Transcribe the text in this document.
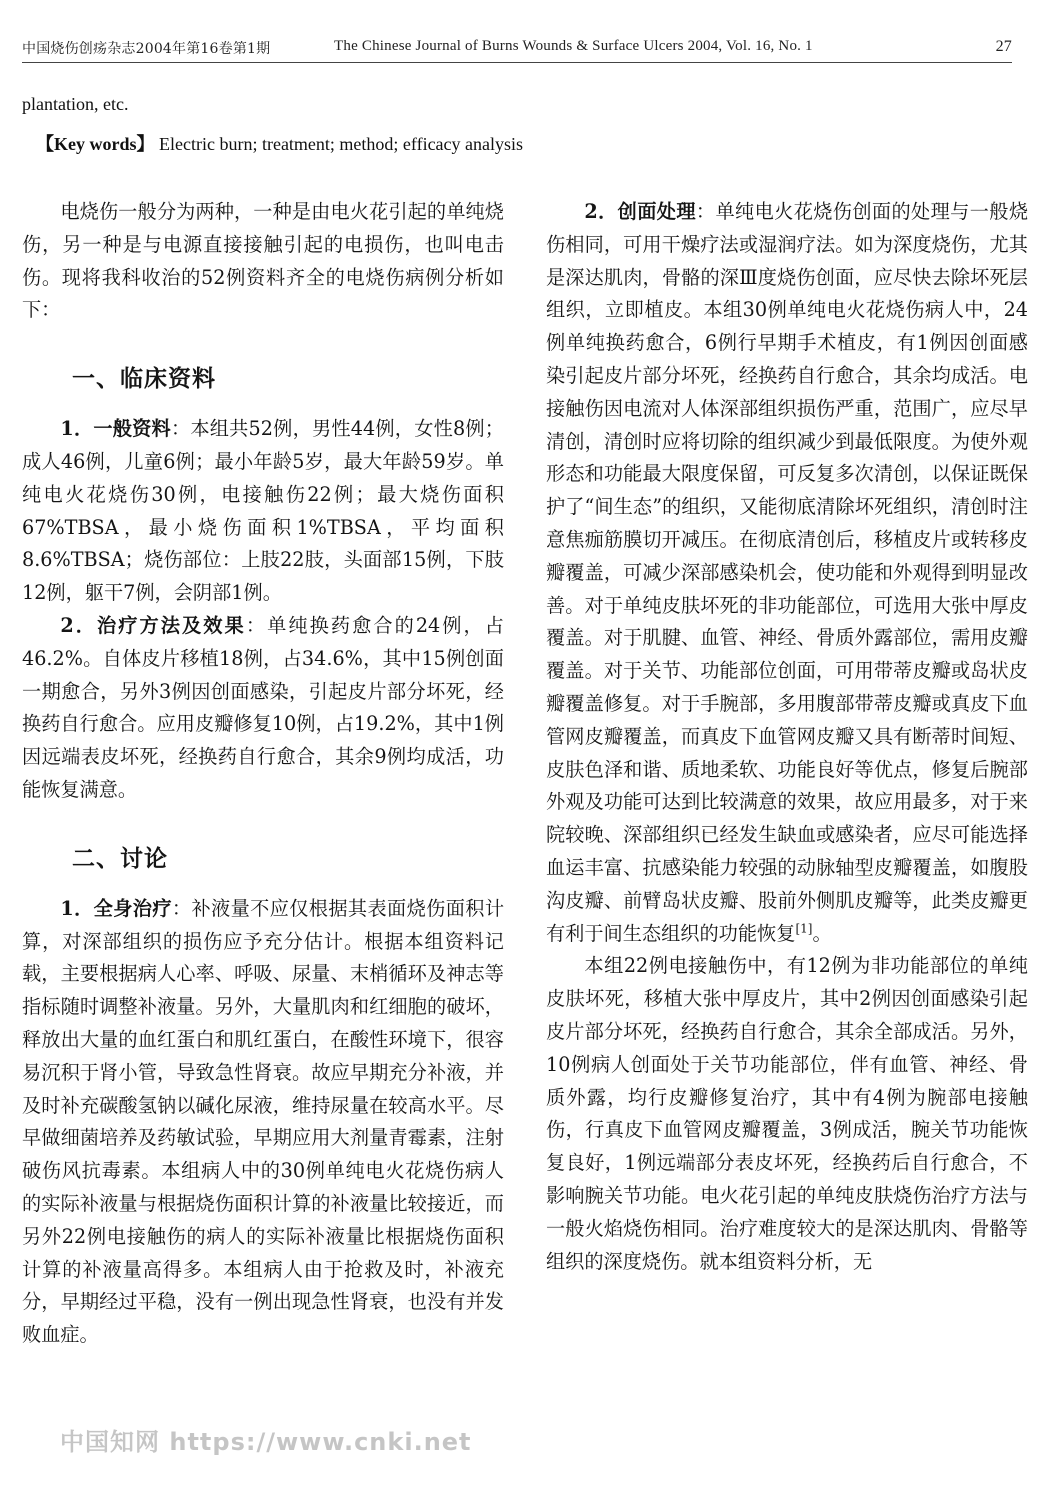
中国烧伤创疡杂志2004年第16卷第1期	The Chinese Journal of Burns Wounds & Surface Ulcers 2004, Vol. 16, No. 1	27
plantation, etc.
【Key words】 Electric burn; treatment; method; efficacy analysis

电烧伤一般分为两种，一种是由电火花引起的单纯烧伤，另一种是与电源直接接触引起的电损伤，也叫电击伤。现将我科收治的52例资料齐全的电烧伤病例分析如下：

一、临床资料

1．一般资料：本组共52例，男性44例，女性8例；成人46例，儿童6例；最小年龄5岁，最大年龄59岁。单纯电火花烧伤30例，电接触伤22例；最大烧伤面积67%TBSA，最小烧伤面积1%TBSA，平均面积8.6%TBSA；烧伤部位：上肢22肢，头面部15例，下肢12例，躯干7例，会阴部1例。

2．治疗方法及效果：单纯换药愈合的24例，占46.2%。自体皮片移植18例，占34.6%，其中15例创面一期愈合，另外3例因创面感染，引起皮片部分坏死，经换药自行愈合。应用皮瓣修复10例，占19.2%，其中1例因远端表皮坏死，经换药自行愈合，其余9例均成活，功能恢复满意。

二、讨论

1．全身治疗：补液量不应仅根据其表面烧伤面积计算，对深部组织的损伤应予充分估计。根据本组资料记载，主要根据病人心率、呼吸、尿量、末梢循环及神志等指标随时调整补液量。另外，大量肌肉和红细胞的破坏，释放出大量的血红蛋白和肌红蛋白，在酸性环境下，很容易沉积于肾小管，导致急性肾衰。故应早期充分补液，并及时补充碳酸氢钠以碱化尿液，维持尿量在较高水平。尽早做细菌培养及药敏试验，早期应用大剂量青霉素，注射破伤风抗毒素。本组病人中的30例单纯电火花烧伤病人的实际补液量与根据烧伤面积计算的补液量比较接近，而另外22例电接触伤的病人的实际补液量比根据烧伤面积计算的补液量高得多。本组病人由于抢救及时，补液充分，早期经过平稳，没有一例出现急性肾衰，也没有并发败血症。

2．创面处理：单纯电火花烧伤创面的处理与一般烧伤相同，可用干燥疗法或湿润疗法。如为深度烧伤，尤其是深达肌肉，骨骼的深Ⅲ度烧伤创面，应尽快去除坏死层组织，立即植皮。本组30例单纯电火花烧伤病人中，24例单纯换药愈合，6例行早期手术植皮，有1例因创面感染引起皮片部分坏死，经换药自行愈合，其余均成活。电接触伤因电流对人体深部组织损伤严重，范围广，应尽早清创，清创时应将切除的组织减少到最低限度。为使外观形态和功能最大限度保留，可反复多次清创，以保证既保护了“间生态”的组织，又能彻底清除坏死组织，清创时注意焦痂筋膜切开减压。在彻底清创后，移植皮片或转移皮瓣覆盖，可减少深部感染机会，使功能和外观得到明显改善。对于单纯皮肤坏死的非功能部位，可选用大张中厚皮覆盖。对于肌腱、血管、神经、骨质外露部位，需用皮瓣覆盖。对于关节、功能部位创面，可用带蒂皮瓣或岛状皮瓣覆盖修复。对于手腕部，多用腹部带蒂皮瓣或真皮下血管网皮瓣覆盖，而真皮下血管网皮瓣又具有断蒂时间短、皮肤色泽和谐、质地柔软、功能良好等优点，修复后腕部外观及功能可达到比较满意的效果，故应用最多，对于来院较晚、深部组织已经发生缺血或感染者，应尽可能选择血运丰富、抗感染能力较强的动脉轴型皮瓣覆盖，如腹股沟皮瓣、前臂岛状皮瓣、股前外侧肌皮瓣等，此类皮瓣更有利于间生态组织的功能恢复[1]。

本组22例电接触伤中，有12例为非功能部位的单纯皮肤坏死，移植大张中厚皮片，其中2例因创面感染引起皮片部分坏死，经换药自行愈合，其余全部成活。另外，10例病人创面处于关节功能部位，伴有血管、神经、骨质外露，均行皮瓣修复治疗，其中有4例为腕部电接触伤，行真皮下血管网皮瓣覆盖，3例成活，腕关节功能恢复良好，1例远端部分表皮坏死，经换药后自行愈合，不影响腕关节功能。电火花引起的单纯皮肤烧伤治疗方法与一般火焰烧伤相同。治疗难度较大的是深达肌肉、骨骼等组织的深度烧伤。就本组资料分析，无

中国知网 https://www.cnki.net
